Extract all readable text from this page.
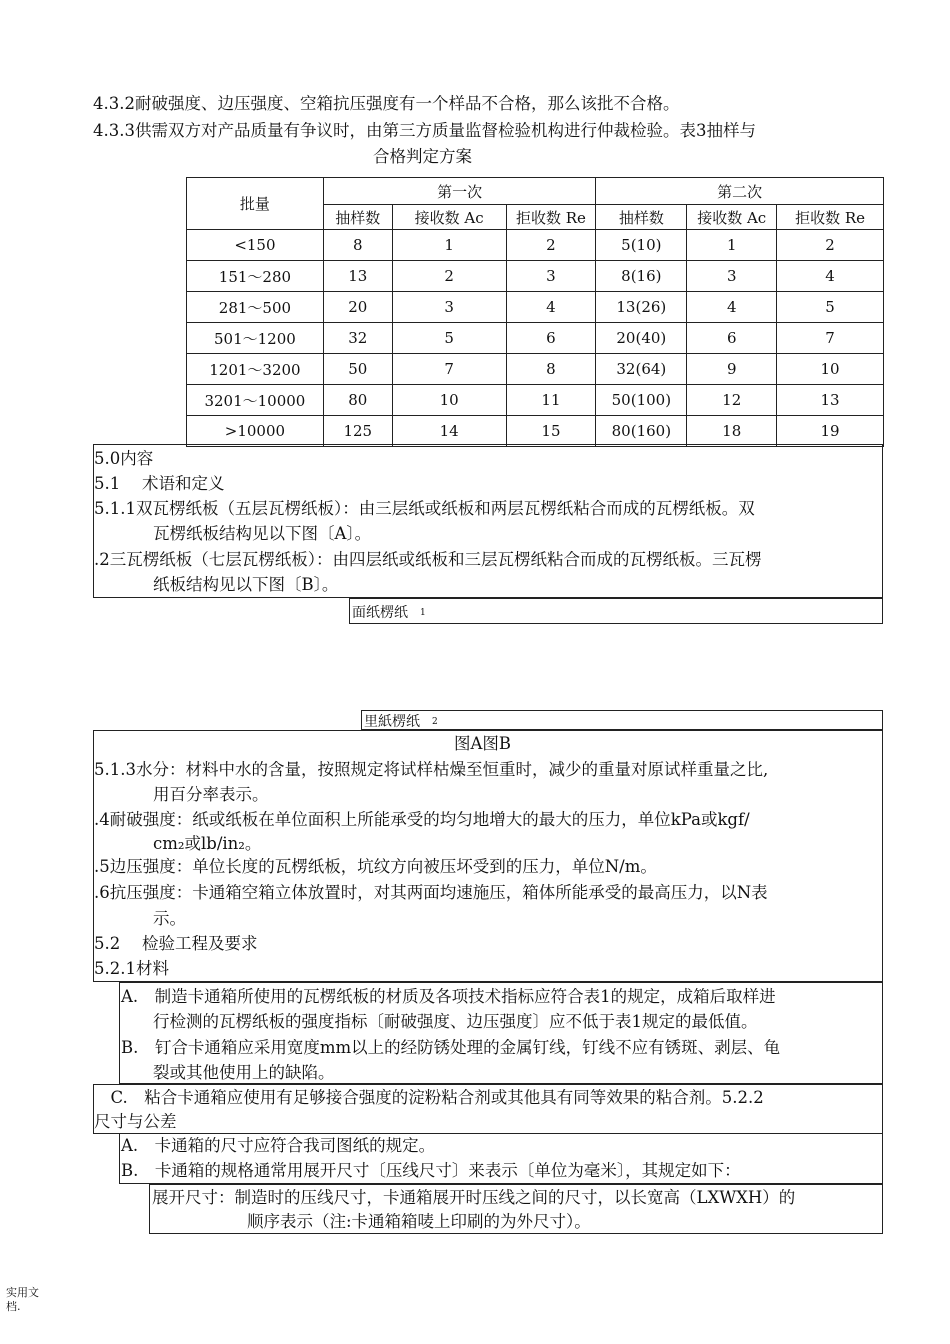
4.3.2耐破强度、边压强度、空箱抗压强度有一个样品不合格，那么该批不合格。
4.3.3供需双方对产品质量有争议时，由第三方质量监督检验机构进行仲裁检验。表3抽样与
合格判定方案
批量	第一次			第二次		
	抽样数	接收数 Ac	拒收数 Re	抽样数	接收数 Ac	拒收数 Re
<150	8	1	2	5(10)	1	2
151～280	13	2	3	8(16)	3	4
281～500	20	3	4	13(26)	4	5
501～1200	32	5	6	20(40)	6	7
1201～3200	50	7	8	32(64)	9	10
3201～10000	80	10	11	50(100)	12	13
>10000	125	14	15	80(160)	18	19
5.0内容
5.1　 术语和定义
5.1.1双瓦楞纸板（五层瓦楞纸板）：由三层纸或纸板和两层瓦楞纸粘合而成的瓦楞纸板。双
瓦楞纸板结构见以下图〔A〕。
.2三瓦楞纸板（七层瓦楞纸板）：由四层纸或纸板和三层瓦楞纸粘合而成的瓦楞纸板。三瓦楞
纸板结构见以下图〔B〕。
面纸楞纸 1
里紙楞纸 2
图A图B
5.1.3水分：材料中水的含量，按照规定将试样枯燥至恒重时，减少的重量对原试样重量之比,
用百分率表示。
.4耐破强度：纸或纸板在单位面积上所能承受的均匀地增大的最大的压力，单位kPa或kgf/
cm₂或lb/in₂。
.5边压强度：单位长度的瓦楞纸板，坑纹方向被压坏受到的压力，单位N/m。
.6抗压强度：卡通箱空箱立体放置时，对其两面均速施压，箱体所能承受的最高压力，以N表
示。
5.2　 检验工程及要求
5.2.1材料
A.　制造卡通箱所使用的瓦楞纸板的材质及各项技术指标应符合表1的规定，成箱后取样进
行检测的瓦楞纸板的强度指标〔耐破强度、边压强度〕应不低于表1规定的最低值。
B.　钉合卡通箱应采用宽度mm以上的经防锈处理的金属钉线，钉线不应有锈斑、剥层、龟
裂或其他使用上的缺陷。
　C.　粘合卡通箱应使用有足够接合强度的淀粉粘合剂或其他具有同等效果的粘合剂。5.2.2
尺寸与公差
A.　卡通箱的尺寸应符合我司图纸的规定。
B.　卡通箱的规格通常用展开尺寸〔压线尺寸〕来表示〔单位为毫米〕，其规定如下：
展开尺寸：制造时的压线尺寸，卡通箱展开时压线之间的尺寸，以长宽高（LXWXH）的
顺序表示（注:卡通箱箱唛上印刷的为外尺寸）。
实用文档.
